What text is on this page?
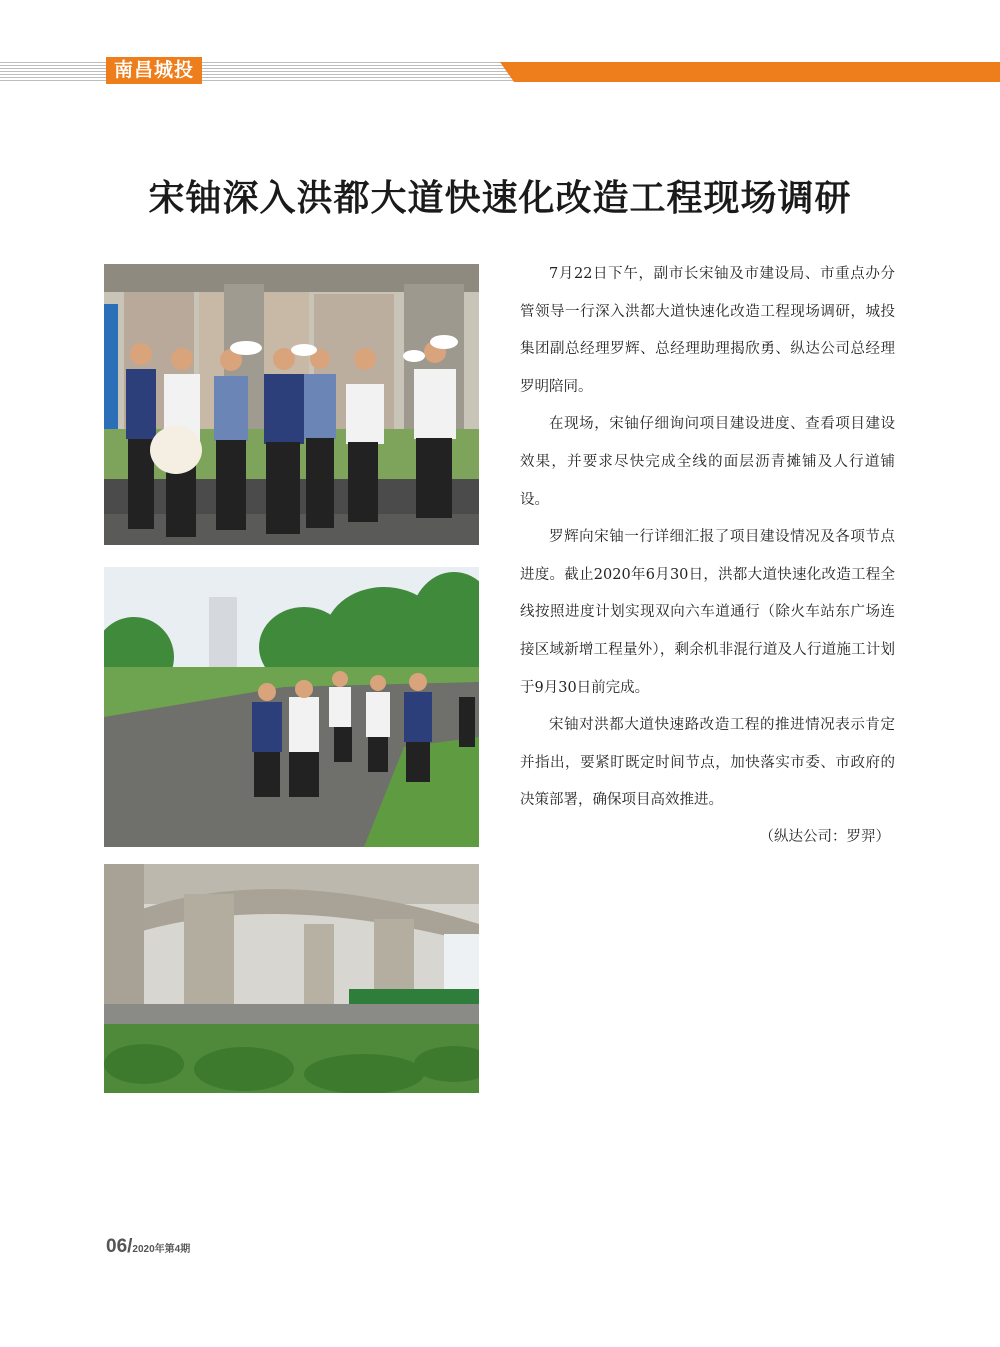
南昌城投
宋铀深入洪都大道快速化改造工程现场调研

7月22日下午，副市长宋铀及市建设局、市重点办分管领导一行深入洪都大道快速化改造工程现场调研，城投集团副总经理罗辉、总经理助理揭欣勇、纵达公司总经理罗明陪同。

在现场，宋铀仔细询问项目建设进度、查看项目建设效果，并要求尽快完成全线的面层沥青摊铺及人行道铺设。

罗辉向宋铀一行详细汇报了项目建设情况及各项节点进度。截止2020年6月30日，洪都大道快速化改造工程全线按照进度计划实现双向六车道通行（除火车站东广场连接区域新增工程量外），剩余机非混行道及人行道施工计划于9月30日前完成。

宋铀对洪都大道快速路改造工程的推进情况表示肯定并指出，要紧盯既定时间节点，加快落实市委、市政府的决策部署，确保项目高效推进。

（纵达公司：罗羿）
06/2020年第4期
